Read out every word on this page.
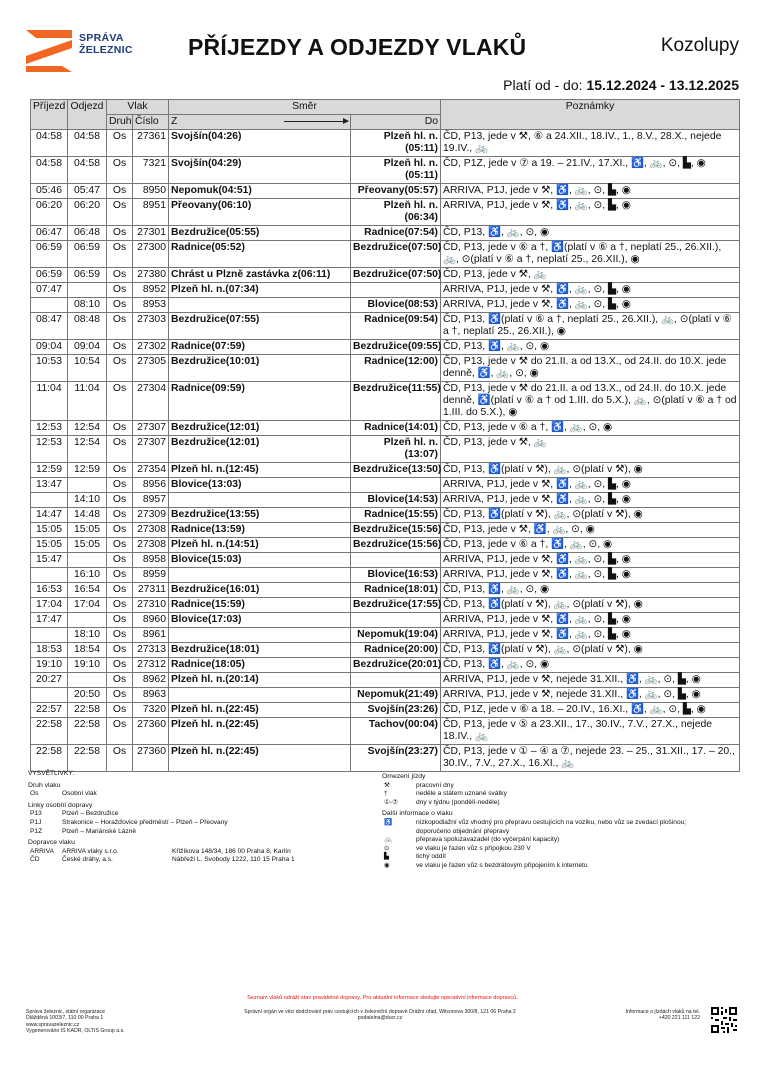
SPRÁVA
ŽELEZNIC PŘÍJEZDY A ODJEZDY VLAKŮ	Kozolupy
Platí od - do: 15.12.2024 - 13.12.2025
Příjezd	Odjezd	Vlak		Směr		Poznámky
		Druh	Číslo	Z	Do	
04:58	04:58	Os	27361	Svojšín(04:26)	Plzeň hl. n.(05:11)	ČD, P13, jede v ⚒, ⑥ a 24.XII., 18.IV., 1., 8.V., 28.X., nejede 19.IV., 🚲
04:58	04:58	Os	7321	Svojšín(04:29)	Plzeň hl. n.(05:11)	ČD, P1Z, jede v ⑦ a 19. – 21.IV., 17.XI., ♿, 🚲, ⊙, ▙, ◉
05:46	05:47	Os	8950	Nepomuk(04:51)	Přeovany(05:57)	ARRIVA, P1J, jede v ⚒, ♿, 🚲, ⊙, ▙, ◉
06:20	06:20	Os	8951	Přeovany(06:10)	Plzeň hl. n.(06:34)	ARRIVA, P1J, jede v ⚒, ♿, 🚲, ⊙, ▙, ◉
06:47	06:48	Os	27301	Bezdružice(05:55)	Radnice(07:54)	ČD, P13, ♿, 🚲, ⊙, ◉
06:59	06:59	Os	27300	Radnice(05:52)	Bezdružice(07:50)	ČD, P13, jede v ⑥ a †, ♿(platí v ⑥ a †, neplatí 25., 26.XII.), 🚲, ⊙(platí v ⑥ a †, neplatí 25., 26.XII.), ◉
06:59	06:59	Os	27380	Chrást u Plzně zastávka z(06:11)	Bezdružice(07:50)	ČD, P13, jede v ⚒, 🚲
07:47		Os	8952	Plzeň hl. n.(07:34)		ARRIVA, P1J, jede v ⚒, ♿, 🚲, ⊙, ▙, ◉
	08:10	Os	8953		Blovice(08:53)	ARRIVA, P1J, jede v ⚒, ♿, 🚲, ⊙, ▙, ◉
08:47	08:48	Os	27303	Bezdružice(07:55)	Radnice(09:54)	ČD, P13, ♿(platí v ⑥ a †, neplatí 25., 26.XII.), 🚲, ⊙(platí v ⑥ a †, neplatí 25., 26.XII.), ◉
09:04	09:04	Os	27302	Radnice(07:59)	Bezdružice(09:55)	ČD, P13, ♿, 🚲, ⊙, ◉
10:53	10:54	Os	27305	Bezdružice(10:01)	Radnice(12:00)	ČD, P13, jede v ⚒ do 21.II. a od 13.X., od 24.II. do 10.X. jede denně, ♿, 🚲, ⊙, ◉
11:04	11:04	Os	27304	Radnice(09:59)	Bezdružice(11:55)	ČD, P13, jede v ⚒ do 21.II. a od 13.X., od 24.II. do 10.X. jede denně, ♿(platí v ⑥ a † od 1.III. do 5.X.), 🚲, ⊙(platí v ⑥ a † od 1.III. do 5.X.), ◉
12:53	12:54	Os	27307	Bezdružice(12:01)	Radnice(14:01)	ČD, P13, jede v ⑥ a †, ♿, 🚲, ⊙, ◉
12:53	12:54	Os	27307	Bezdružice(12:01)	Plzeň hl. n.(13:07)	ČD, P13, jede v ⚒, 🚲
12:59	12:59	Os	27354	Plzeň hl. n.(12:45)	Bezdružice(13:50)	ČD, P13, ♿(platí v ⚒), 🚲, ⊙(platí v ⚒), ◉
13:47		Os	8956	Blovice(13:03)		ARRIVA, P1J, jede v ⚒, ♿, 🚲, ⊙, ▙, ◉
	14:10	Os	8957		Blovice(14:53)	ARRIVA, P1J, jede v ⚒, ♿, 🚲, ⊙, ▙, ◉
14:47	14:48	Os	27309	Bezdružice(13:55)	Radnice(15:55)	ČD, P13, ♿(platí v ⚒), 🚲, ⊙(platí v ⚒), ◉
15:05	15:05	Os	27308	Radnice(13:59)	Bezdružice(15:56)	ČD, P13, jede v ⚒, ♿, 🚲, ⊙, ◉
15:05	15:05	Os	27308	Plzeň hl. n.(14:51)	Bezdružice(15:56)	ČD, P13, jede v ⑥ a †, ♿, 🚲, ⊙, ◉
15:47		Os	8958	Blovice(15:03)		ARRIVA, P1J, jede v ⚒, ♿, 🚲, ⊙, ▙, ◉
	16:10	Os	8959		Blovice(16:53)	ARRIVA, P1J, jede v ⚒, ♿, 🚲, ⊙, ▙, ◉
16:53	16:54	Os	27311	Bezdružice(16:01)	Radnice(18:01)	ČD, P13, ♿, 🚲, ⊙, ◉
17:04	17:04	Os	27310	Radnice(15:59)	Bezdružice(17:55)	ČD, P13, ♿(platí v ⚒), 🚲, ⊙(platí v ⚒), ◉
17:47		Os	8960	Blovice(17:03)		ARRIVA, P1J, jede v ⚒, ♿, 🚲, ⊙, ▙, ◉
	18:10	Os	8961		Nepomuk(19:04)	ARRIVA, P1J, jede v ⚒, ♿, 🚲, ⊙, ▙, ◉
18:53	18:54	Os	27313	Bezdružice(18:01)	Radnice(20:00)	ČD, P13, ♿(platí v ⚒), 🚲, ⊙(platí v ⚒), ◉
19:10	19:10	Os	27312	Radnice(18:05)	Bezdružice(20:01)	ČD, P13, ♿, 🚲, ⊙, ◉
20:27		Os	8962	Plzeň hl. n.(20:14)		ARRIVA, P1J, jede v ⚒, nejede 31.XII., ♿, 🚲, ⊙, ▙, ◉
	20:50	Os	8963		Nepomuk(21:49)	ARRIVA, P1J, jede v ⚒, nejede 31.XII., ♿, 🚲, ⊙, ▙, ◉
22:57	22:58	Os	7320	Plzeň hl. n.(22:45)	Svojšín(23:26)	ČD, P1Z, jede v ⑥ a 18. – 20.IV., 16.XI., ♿, 🚲, ⊙, ▙, ◉
22:58	22:58	Os	27360	Plzeň hl. n.(22:45)	Tachov(00:04)	ČD, P13, jede v ⑤ a 23.XII., 17., 30.IV., 7.V., 27.X., nejede 18.IV., 🚲
22:58	22:58	Os	27360	Plzeň hl. n.(22:45)	Svojšín(23:27)	ČD, P13, jede v ① – ④ a ⑦, nejede 23. – 25., 31.XII., 17. – 20., 30.IV., 7.V., 27.X., 16.XI., 🚲
VYSVĚTLIVKY:
Druh vlaku
Os	Osobní vlak
Linky osobní dopravy
P13	Plzeň – Bezdružice
P1J	Strakonice – Horažďovice předměstí – Plzeň – Přeovany
P1Z	Plzeň – Mariánské Lázně
Dopravce vlaku
ARRIVA	ARRIVA vlaky s.r.o.	Křižíkova 148/34, 186 00 Praha 8, Karlín
ČD	České dráhy, a.s.	Nábřeží L. Svobody 1222, 110 15 Praha 1
Omezení jízdy
⚒	pracovní dny
†	neděle a státem uznané svátky
①-⑦	dny v týdnu (pondělí-neděle)
Další informace o vlaku
♿	nízkopodlažní vůz vhodný pro přepravu cestujících na vozíku, nebo vůz se zvedací plošinou; doporučeno objednání přepravy
🚲	přeprava spoluzavazadel (do vyčerpání kapacity)
⊙	ve vlaku je řazen vůz s přípojkou 230 V
▙	tichý oddíl
◉	ve vlaku je řazen vůz s bezdrátovým připojením k internetu
Seznam vlaků odráží stav pravidelné dopravy. Pro aktuální informace sledujte operativní informace dopravců.
Správa železnic, státní organizace
Dlážděná 1003/7, 110 00 Praha 1
www.spravazeleznic.cz
Vygenerováno IS KADR, OLTIS Group a.s.
Správní orgán ve věci dodržování práv cestujících v železniční dopravě Drážní úřad, Wilsonova 300/8, 121 06 Praha 2
podatelna@ducr.cz
Informace o jízdách vlaků na tel.
+420 221 111 122
